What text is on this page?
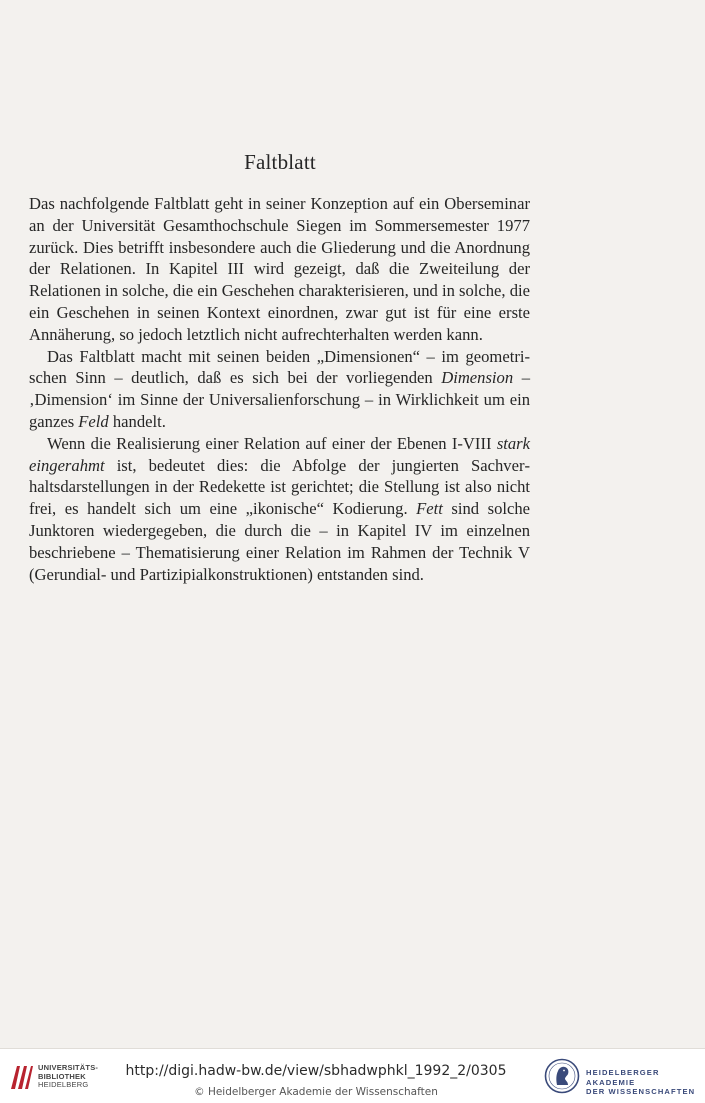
Faltblatt

Das nachfolgende Faltblatt geht in seiner Konzeption auf ein Oberseminar an der Universität Gesamthochschule Siegen im Sommersemester 1977 zurück. Dies betrifft insbesondere auch die Gliederung und die Anordnung der Relationen. In Kapitel III wird gezeigt, daß die Zweiteilung der Relationen in solche, die ein Geschehen charakterisieren, und in solche, die ein Geschehen in seinen Kontext einordnen, zwar gut ist für eine erste Annäherung, so jedoch letztlich nicht aufrechterhalten werden kann.

Das Faltblatt macht mit seinen beiden „Dimensionen“ – im geometrischen Sinn – deutlich, daß es sich bei der vorliegenden Dimension – ‚Dimension‘ im Sinne der Universalienforschung – in Wirklichkeit um ein ganzes Feld handelt.

Wenn die Realisierung einer Relation auf einer der Ebenen I-VIII stark eingerahmt ist, bedeutet dies: die Abfolge der jungierten Sachverhaltsdarstellungen in der Redekette ist gerichtet; die Stellung ist also nicht frei, es handelt sich um eine „ikonische“ Kodierung. Fett sind solche Junktoren wiedergegeben, die durch die – in Kapitel IV im einzelnen beschriebene – Thematisierung einer Relation im Rahmen der Technik V (Gerundial- und Partizipialkonstruktionen) entstanden sind.

UNIVERSITÄTS-
BIBLIOTHEK
HEIDELBERG
http://digi.hadw-bw.de/view/sbhadwphkl_1992_2/0305
© Heidelberger Akademie der Wissenschaften
HEIDELBERGER AKADEMIE
DER WISSENSCHAFTEN
